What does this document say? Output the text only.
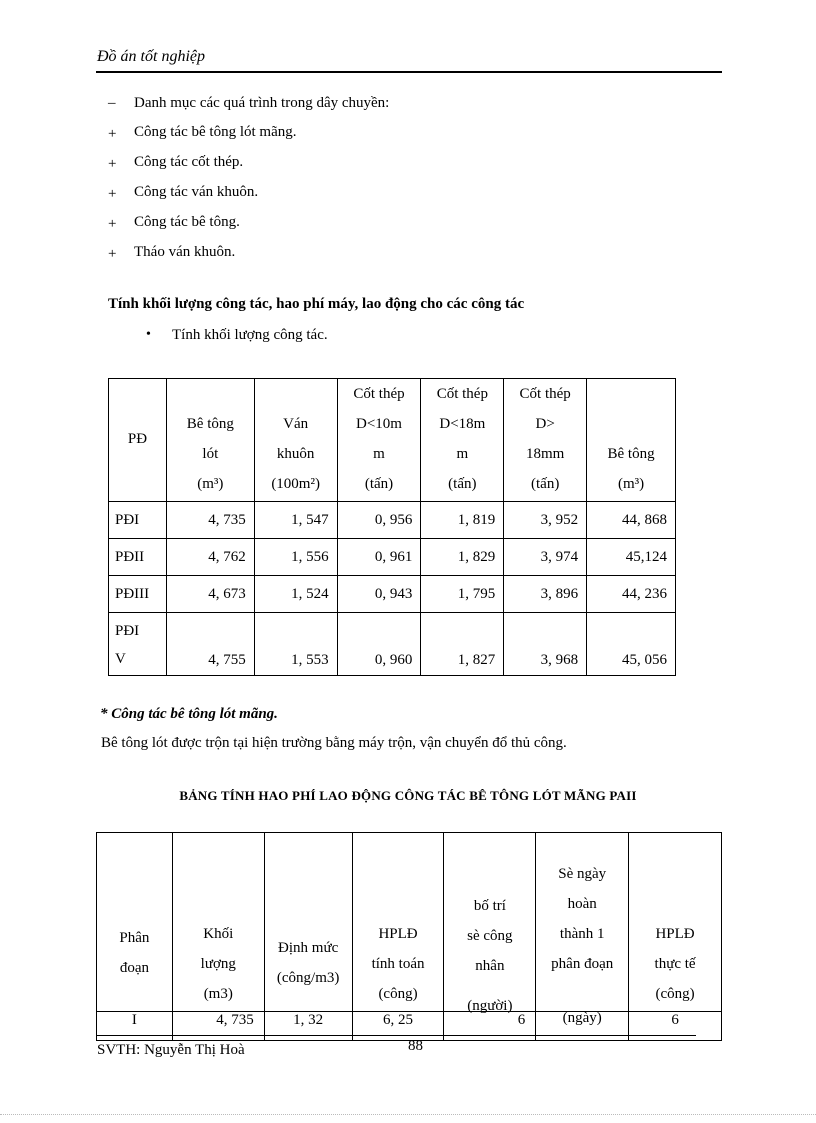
Đồ án tốt nghiệp
– Danh mục các quá trình trong dây chuyền:
+ Công tác bê tông lót mãng.
+ Công tác cốt thép.
+ Công tác ván khuôn.
+ Công tác bê tông.
+ Tháo ván khuôn.
Tính khối lượng công tác, hao phí máy, lao động cho các công tác
• Tính khối lượng công tác.
PĐ	Bê tông
lót
(m³)	Ván
khuôn
(100m²)	Cốt thép
D<10m
m
(tấn)	Cốt thép
D<18m
m
(tấn)	Cốt thép
D>
18mm
(tấn)	Bê tông
(m³)
PĐI	4, 735	1, 547	0, 956	1, 819	3, 952	44, 868
PĐII	4, 762	1, 556	0, 961	1, 829	3, 974	45,124
PĐIII	4, 673	1, 524	0, 943	1, 795	3, 896	44, 236

PĐI V	4, 755	1, 553	0, 960	1, 827	3, 968	45, 056
* Công tác bê tông lót mãng.
Bê tông lót được trộn tại hiện trường bằng máy trộn, vận chuyển đổ thủ công.
BẢNG TÍNH HAO PHÍ LAO ĐỘNG CÔNG TÁC BÊ TÔNG LÓT MÃNG PAII
Phân
đoạn	Khối
lượng
(m3)	Định mức
(công/m3)	HPLĐ
tính toán
(công)	bố trí
sè công
nhân
(người)	Sè ngày
hoàn
thành 1
phân đoạn
(ngày)	HPLĐ
thực tế
(công)
I	4, 735	1, 32	6, 25	6		6
SVTH: Nguyễn Thị Hoà	88
